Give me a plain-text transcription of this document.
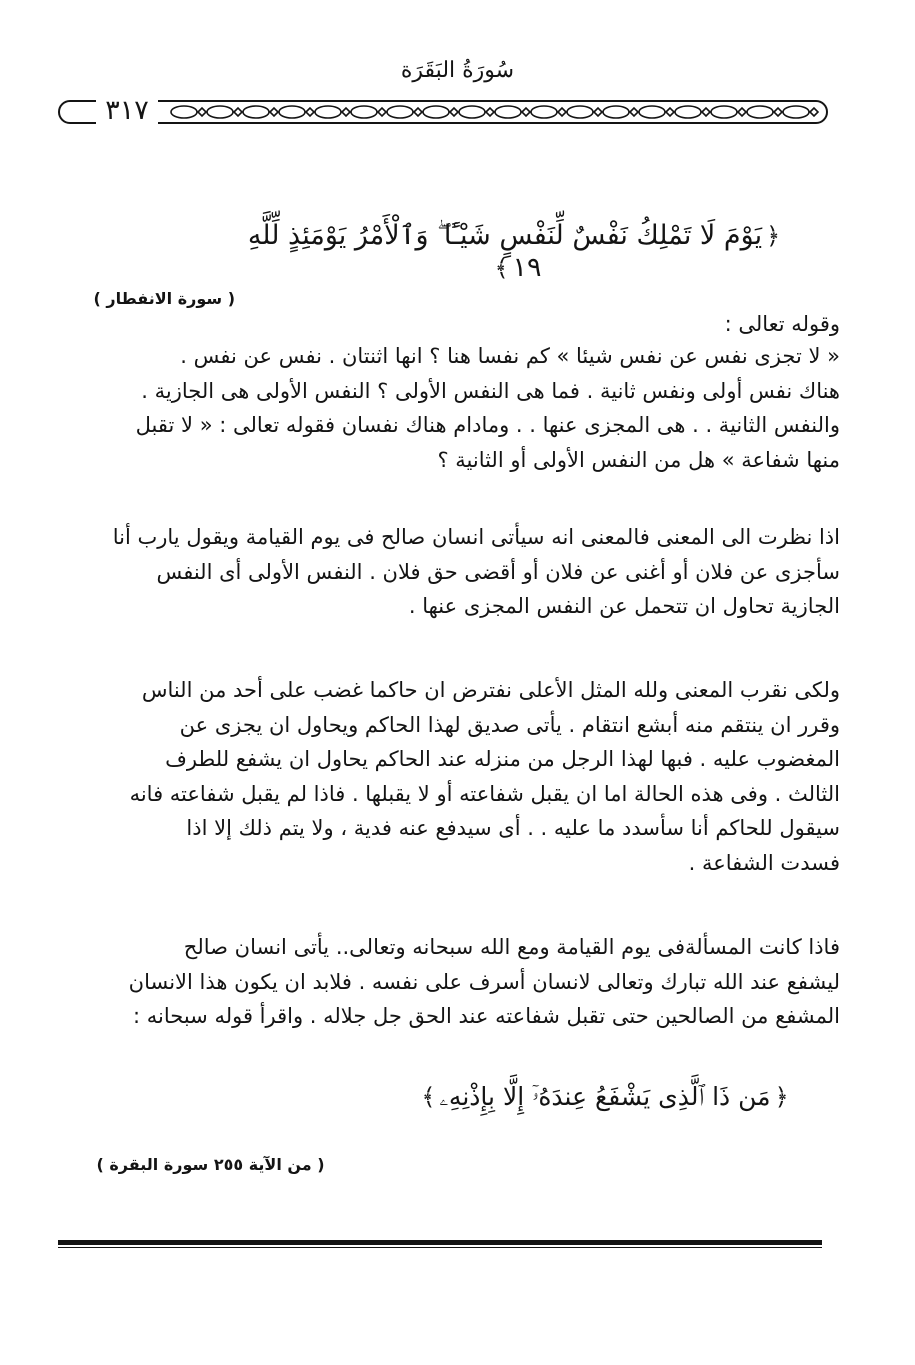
سُورَةُ البَقَرَة
٣١٧
﴿يَوْمَ لَا تَمْلِكُ نَفْسٌ لِّنَفْسٍ شَيْـًٔا ۖ وَٱلْأَمْرُ يَوْمَئِذٍ لِّلَّهِ ١٩﴾
( سورة الانفطار )
وقوله تعالى :
« لا تجزى نفس عن نفس شيئا » كم نفسا هنا ؟ انها اثنتان . نفس عن نفس .
هناك نفس أولى ونفس ثانية . فما هى النفس الأولى ؟ النفس الأولى هى الجازية .
والنفس الثانية . . هى المجزى عنها . . ومادام هناك نفسان فقوله تعالى : « لا تقبل
منها شفاعة » هل من النفس الأولى أو الثانية ؟
اذا نظرت الى المعنى فالمعنى انه سيأتى انسان صالح فى يوم القيامة ويقول يارب أنا
سأجزى عن فلان أو أغنى عن فلان أو أقضى حق فلان . النفس الأولى أى النفس
الجازية تحاول ان تتحمل عن النفس المجزى عنها .
ولكى نقرب المعنى ولله المثل الأعلى نفترض ان حاكما غضب على أحد من الناس
وقرر ان ينتقم منه أبشع انتقام . يأتى صديق لهذا الحاكم ويحاول ان يجزى عن
المغضوب عليه . فبها لهذا الرجل من منزله عند الحاكم يحاول ان يشفع للطرف
الثالث . وفى هذه الحالة اما ان يقبل شفاعته أو لا يقبلها . فاذا لم يقبل شفاعته فانه
سيقول للحاكم أنا سأسدد ما عليه . . أى سيدفع عنه فدية ، ولا يتم ذلك إلا اذا
فسدت الشفاعة .
فاذا كانت المسألةفى يوم القيامة ومع الله سبحانه وتعالى.. يأتى انسان صالح
ليشفع عند الله تبارك وتعالى لانسان أسرف على نفسه . فلابد ان يكون هذا الانسان
المشفع من الصالحين حتى تقبل شفاعته عند الحق جل جلاله . واقرأ قوله سبحانه :
﴿مَن ذَا ٱلَّذِى يَشْفَعُ عِندَهُۥٓ إِلَّا بِإِذْنِهِۦ﴾
( من الآية ٢٥٥ سورة البقرة )
